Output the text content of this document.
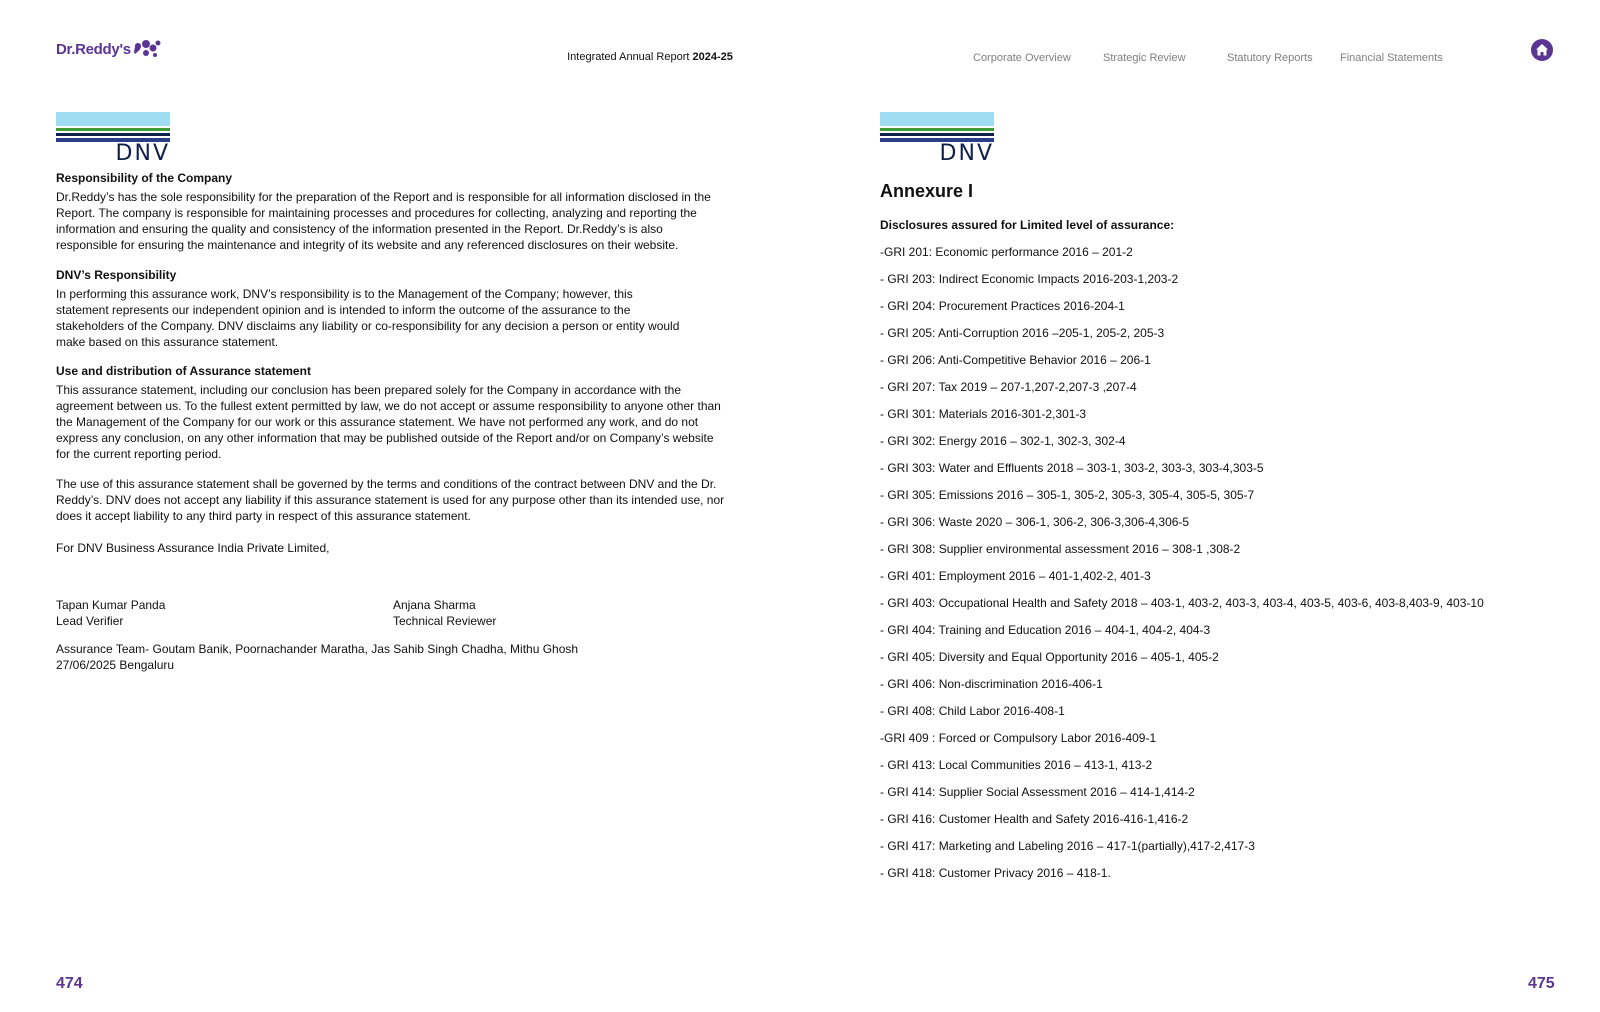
Dr.Reddy's	Integrated Annual Report 2024-25	Corporate Overview	Strategic Review	Statutory Reports Financial Statements
DNV	DNV
Responsibility of the Company
Dr.Reddy’s has the sole responsibility for the preparation of the Report and is responsible for all information disclosed in the Report. The company is responsible for maintaining processes and procedures for collecting, analyzing and reporting the information and ensuring the quality and consistency of the information presented in the Report. Dr.Reddy’s is also responsible for ensuring the maintenance and integrity of its website and any referenced disclosures on their website.
DNV’s Responsibility
In performing this assurance work, DNV’s responsibility is to the Management of the Company; however, this statement represents our independent opinion and is intended to inform the outcome of the assurance to the stakeholders of the Company. DNV disclaims any liability or co-responsibility for any decision a person or entity would make based on this assurance statement.
Use and distribution of Assurance statement
This assurance statement, including our conclusion has been prepared solely for the Company in accordance with the agreement between us. To the fullest extent permitted by law, we do not accept or assume responsibility to anyone other than the Management of the Company for our work or this assurance statement. We have not performed any work, and do not express any conclusion, on any other information that may be published outside of the Report and/or on Company’s website for the current reporting period.
The use of this assurance statement shall be governed by the terms and conditions of the contract between DNV and the Dr. Reddy’s. DNV does not accept any liability if this assurance statement is used for any purpose other than its intended use, nor does it accept liability to any third party in respect of this assurance statement.
For DNV Business Assurance India Private Limited,
Tapan Kumar Panda
Lead Verifier
Anjana Sharma
Technical Reviewer
Assurance Team- Goutam Banik, Poornachander Maratha, Jas Sahib Singh Chadha, Mithu Ghosh
27/06/2025 Bengaluru
474
Annexure I
Disclosures assured for Limited level of assurance:
-GRI 201: Economic performance 2016 – 201-2
- GRI 203: Indirect Economic Impacts 2016-203-1,203-2
- GRI 204: Procurement Practices 2016-204-1
- GRI 205: Anti-Corruption 2016 –205-1, 205-2, 205-3
- GRI 206: Anti-Competitive Behavior 2016 – 206-1
- GRI 207: Tax 2019 – 207-1,207-2,207-3 ,207-4
- GRI 301: Materials 2016-301-2,301-3
- GRI 302: Energy 2016 – 302-1, 302-3, 302-4
- GRI 303: Water and Effluents 2018 – 303-1, 303-2, 303-3, 303-4,303-5
- GRI 305: Emissions 2016 – 305-1, 305-2, 305-3, 305-4, 305-5, 305-7
- GRI 306: Waste 2020 – 306-1, 306-2, 306-3,306-4,306-5
- GRI 308: Supplier environmental assessment 2016 – 308-1 ,308-2
- GRI 401: Employment 2016 – 401-1,402-2, 401-3
- GRI 403: Occupational Health and Safety 2018 – 403-1, 403-2, 403-3, 403-4, 403-5, 403-6, 403-8,403-9, 403-10
- GRI 404: Training and Education 2016 – 404-1, 404-2, 404-3
- GRI 405: Diversity and Equal Opportunity 2016 – 405-1, 405-2
- GRI 406: Non-discrimination 2016-406-1
- GRI 408: Child Labor 2016-408-1
-GRI 409 : Forced or Compulsory Labor 2016-409-1
- GRI 413: Local Communities 2016 – 413-1, 413-2
- GRI 414: Supplier Social Assessment 2016 – 414-1,414-2
- GRI 416: Customer Health and Safety 2016-416-1,416-2
- GRI 417: Marketing and Labeling 2016 – 417-1(partially),417-2,417-3
- GRI 418: Customer Privacy 2016 – 418-1.
475
